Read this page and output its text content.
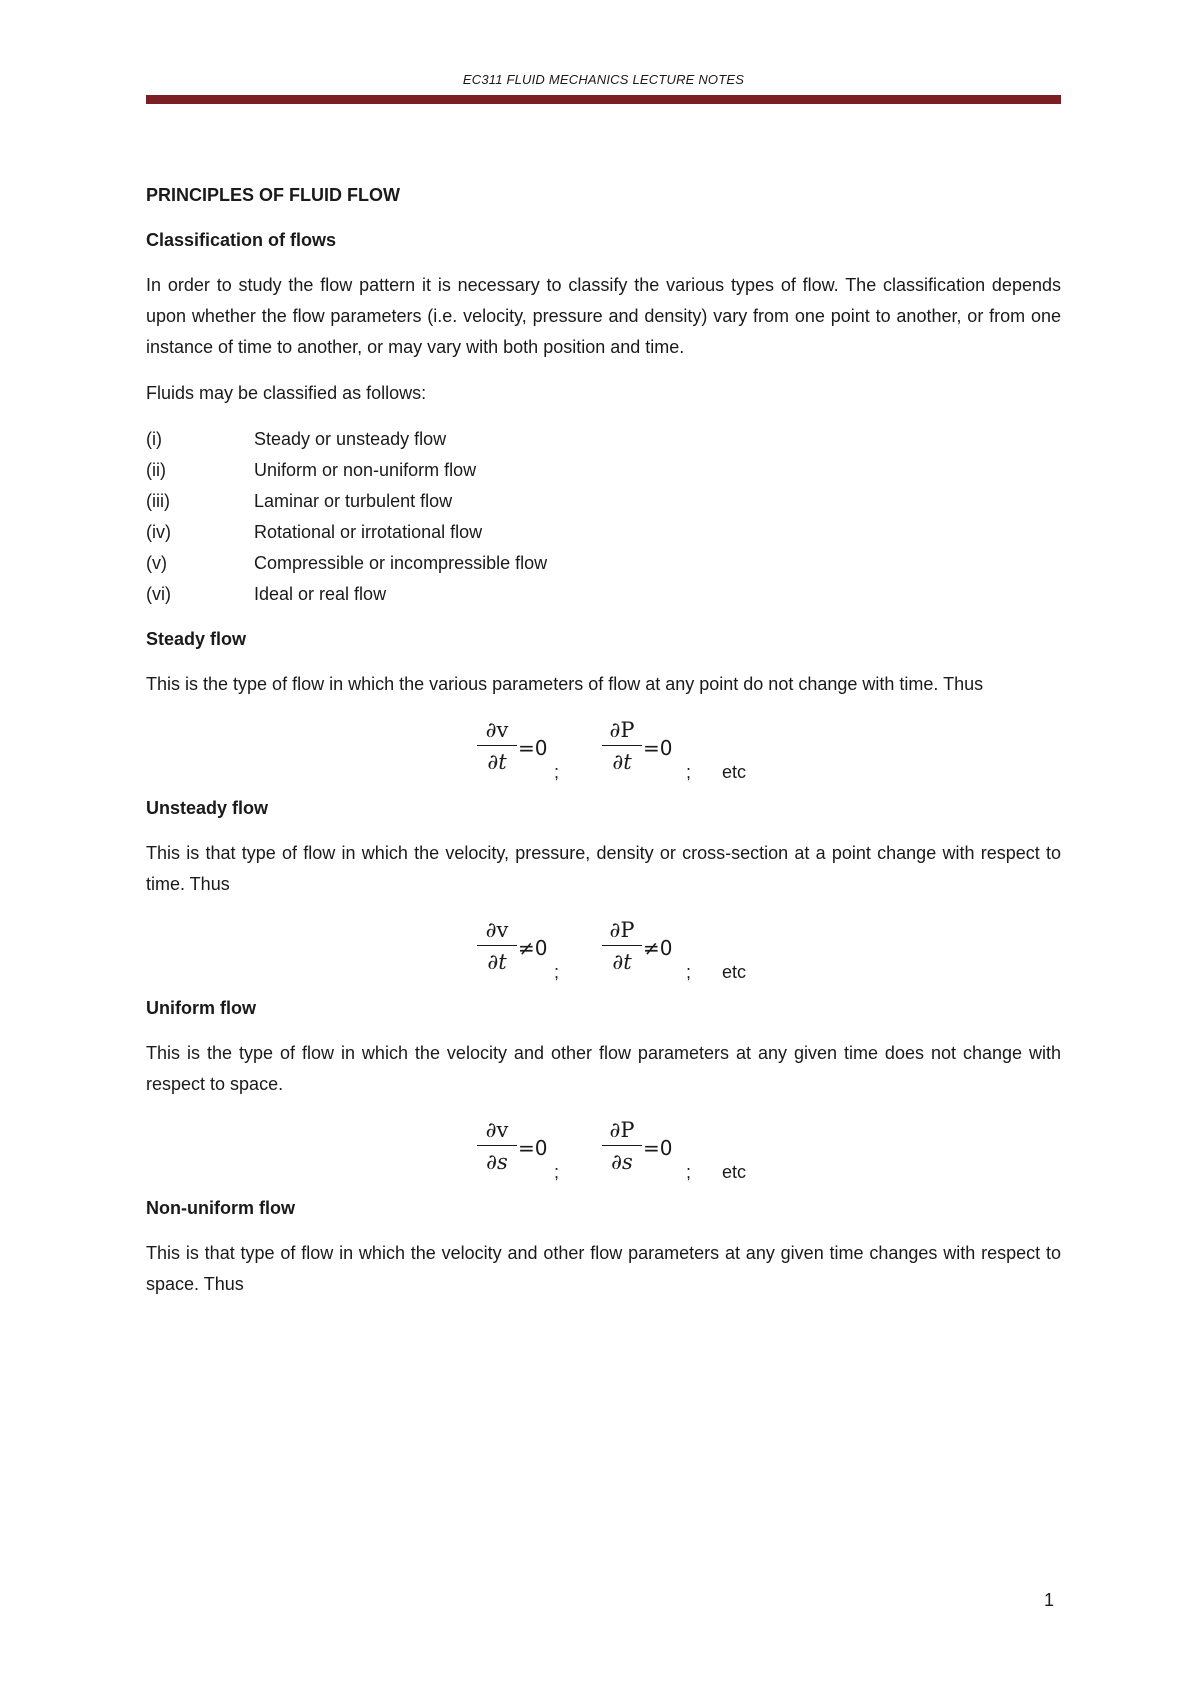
EC311 FLUID MECHANICS LECTURE NOTES

PRINCIPLES OF FLUID FLOW

Classification of flows

In order to study the flow pattern it is necessary to classify the various types of flow. The classification depends upon whether the flow parameters (i.e. velocity, pressure and density) vary from one point to another, or from one instance of time to another, or may vary with both position and time.

Fluids may be classified as follows:

(i)	Steady or unsteady flow
(ii)	Uniform or non-uniform flow
(iii)	Laminar or turbulent flow
(iv)	Rotational or irrotational flow
(v)	Compressible or incompressible flow
(vi)	Ideal or real flow

Steady flow

This is the type of flow in which the various parameters of flow at any point do not change with time. Thus

$\frac{\partial v}{\partial t} =0$
; $\frac{\partial P}{\partial t} =0$
; etc

Unsteady flow

This is that type of flow in which the velocity, pressure, density or cross-section at a point change with respect to time. Thus

$\frac{\partial v}{\partial t} \ne 0$
; $\frac{\partial P}{\partial t} \ne 0$
; etc

Uniform flow

This is the type of flow in which the velocity and other flow parameters at any given time does not change with respect to space.

$\frac{\partial v}{\partial s} =0$
; $\frac{\partial P}{\partial s} =0$
; etc

Non-uniform flow

This is that type of flow in which the velocity and other flow parameters at any given time changes with respect to space. Thus

1
